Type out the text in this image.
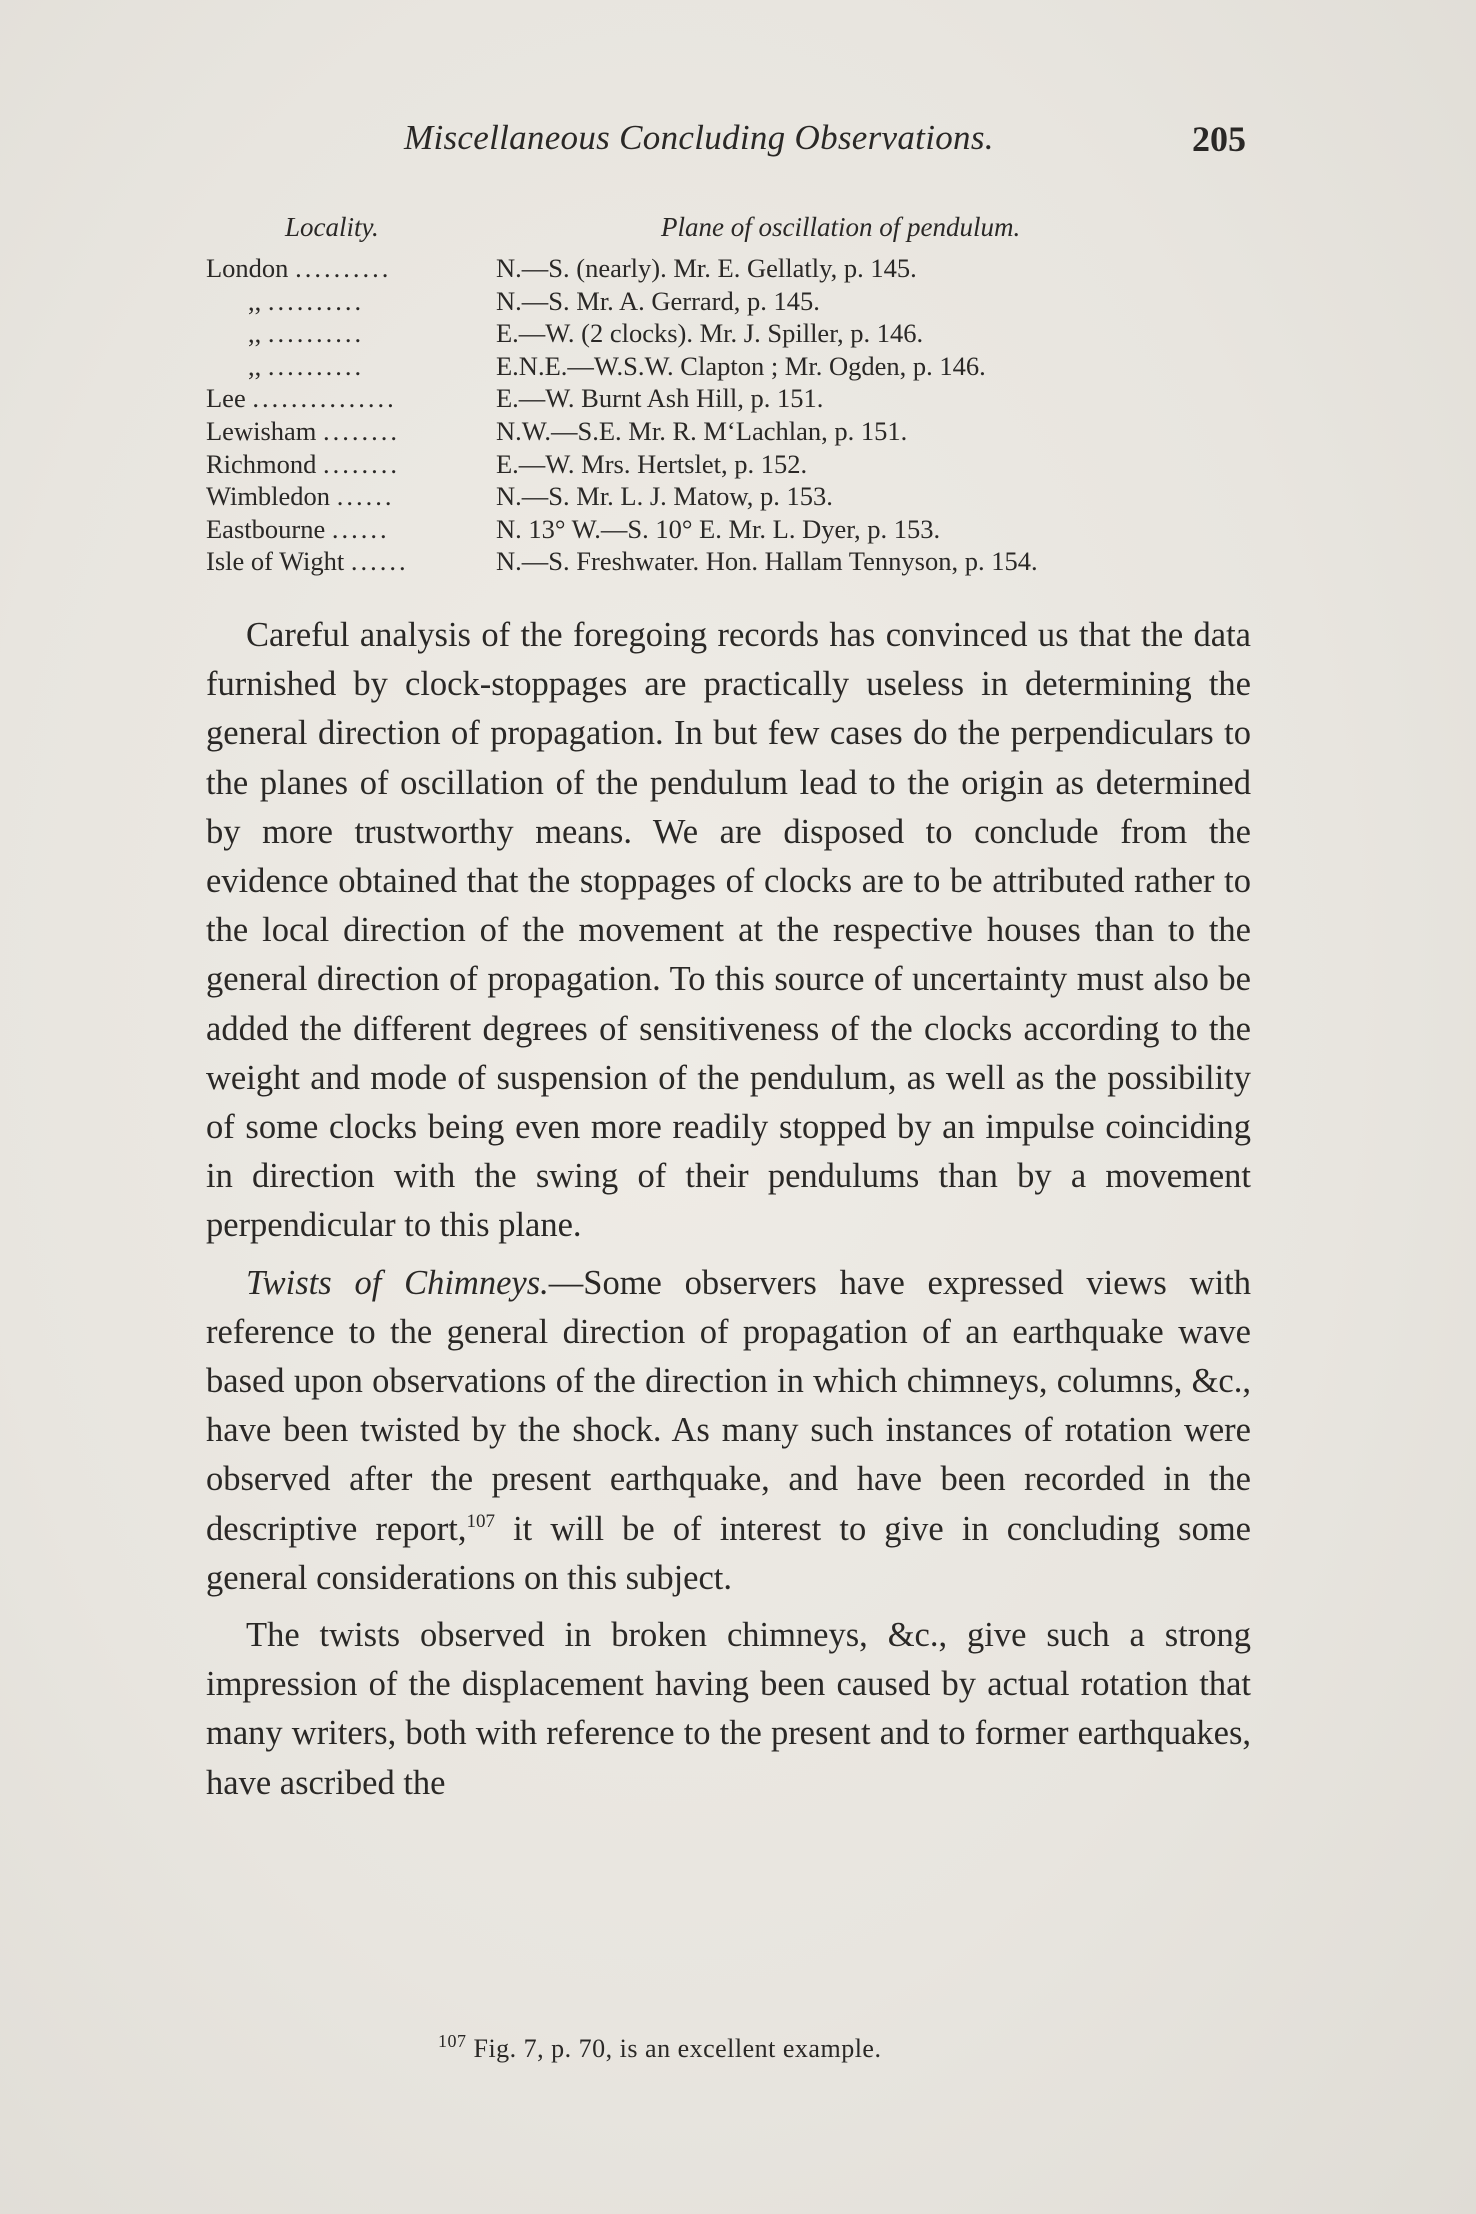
Miscellaneous Concluding Observations.	205
Locality.	Plane of oscillation of pendulum.
London ..........	N.—S. (nearly). Mr. E. Gellatly, p. 145.
,, ..........	N.—S. Mr. A. Gerrard, p. 145.
,, ..........	E.—W. (2 clocks). Mr. J. Spiller, p. 146.
,, ..........	E.N.E.—W.S.W. Clapton ; Mr. Ogden, p. 146.
Lee ...............	E.—W. Burnt Ash Hill, p. 151.
Lewisham ........	N.W.—S.E. Mr. R. M‘Lachlan, p. 151.
Richmond ........	E.—W. Mrs. Hertslet, p. 152.
Wimbledon ......	N.—S. Mr. L. J. Matow, p. 153.
Eastbourne ......	N. 13° W.—S. 10° E. Mr. L. Dyer, p. 153.
Isle of Wight ......	N.—S. Freshwater. Hon. Hallam Tennyson, p. 154.

Careful analysis of the foregoing records has convinced us that the data furnished by clock-stoppages are practically useless in determining the general direction of propagation. In but few cases do the perpendiculars to the planes of oscillation of the pendulum lead to the origin as determined by more trustworthy means. We are disposed to conclude from the evidence obtained that the stoppages of clocks are to be attributed rather to the local direction of the movement at the respective houses than to the general direction of propagation. To this source of uncertainty must also be added the different degrees of sensitiveness of the clocks according to the weight and mode of suspension of the pendulum, as well as the possibility of some clocks being even more readily stopped by an impulse coinciding in direction with the swing of their pendulums than by a movement perpendicular to this plane.

Twists of Chimneys.—Some observers have expressed views with reference to the general direction of propagation of an earthquake wave based upon observations of the direction in which chimneys, columns, &c., have been twisted by the shock. As many such instances of rotation were observed after the present earthquake, and have been recorded in the descriptive report,$^{107}$ it will be of interest to give in concluding some general considerations on this subject.

The twists observed in broken chimneys, &c., give such a strong impression of the displacement having been caused by actual rotation that many writers, both with reference to the present and to former earthquakes, have ascribed the

$^{107}$ Fig. 7, p. 70, is an excellent example.
